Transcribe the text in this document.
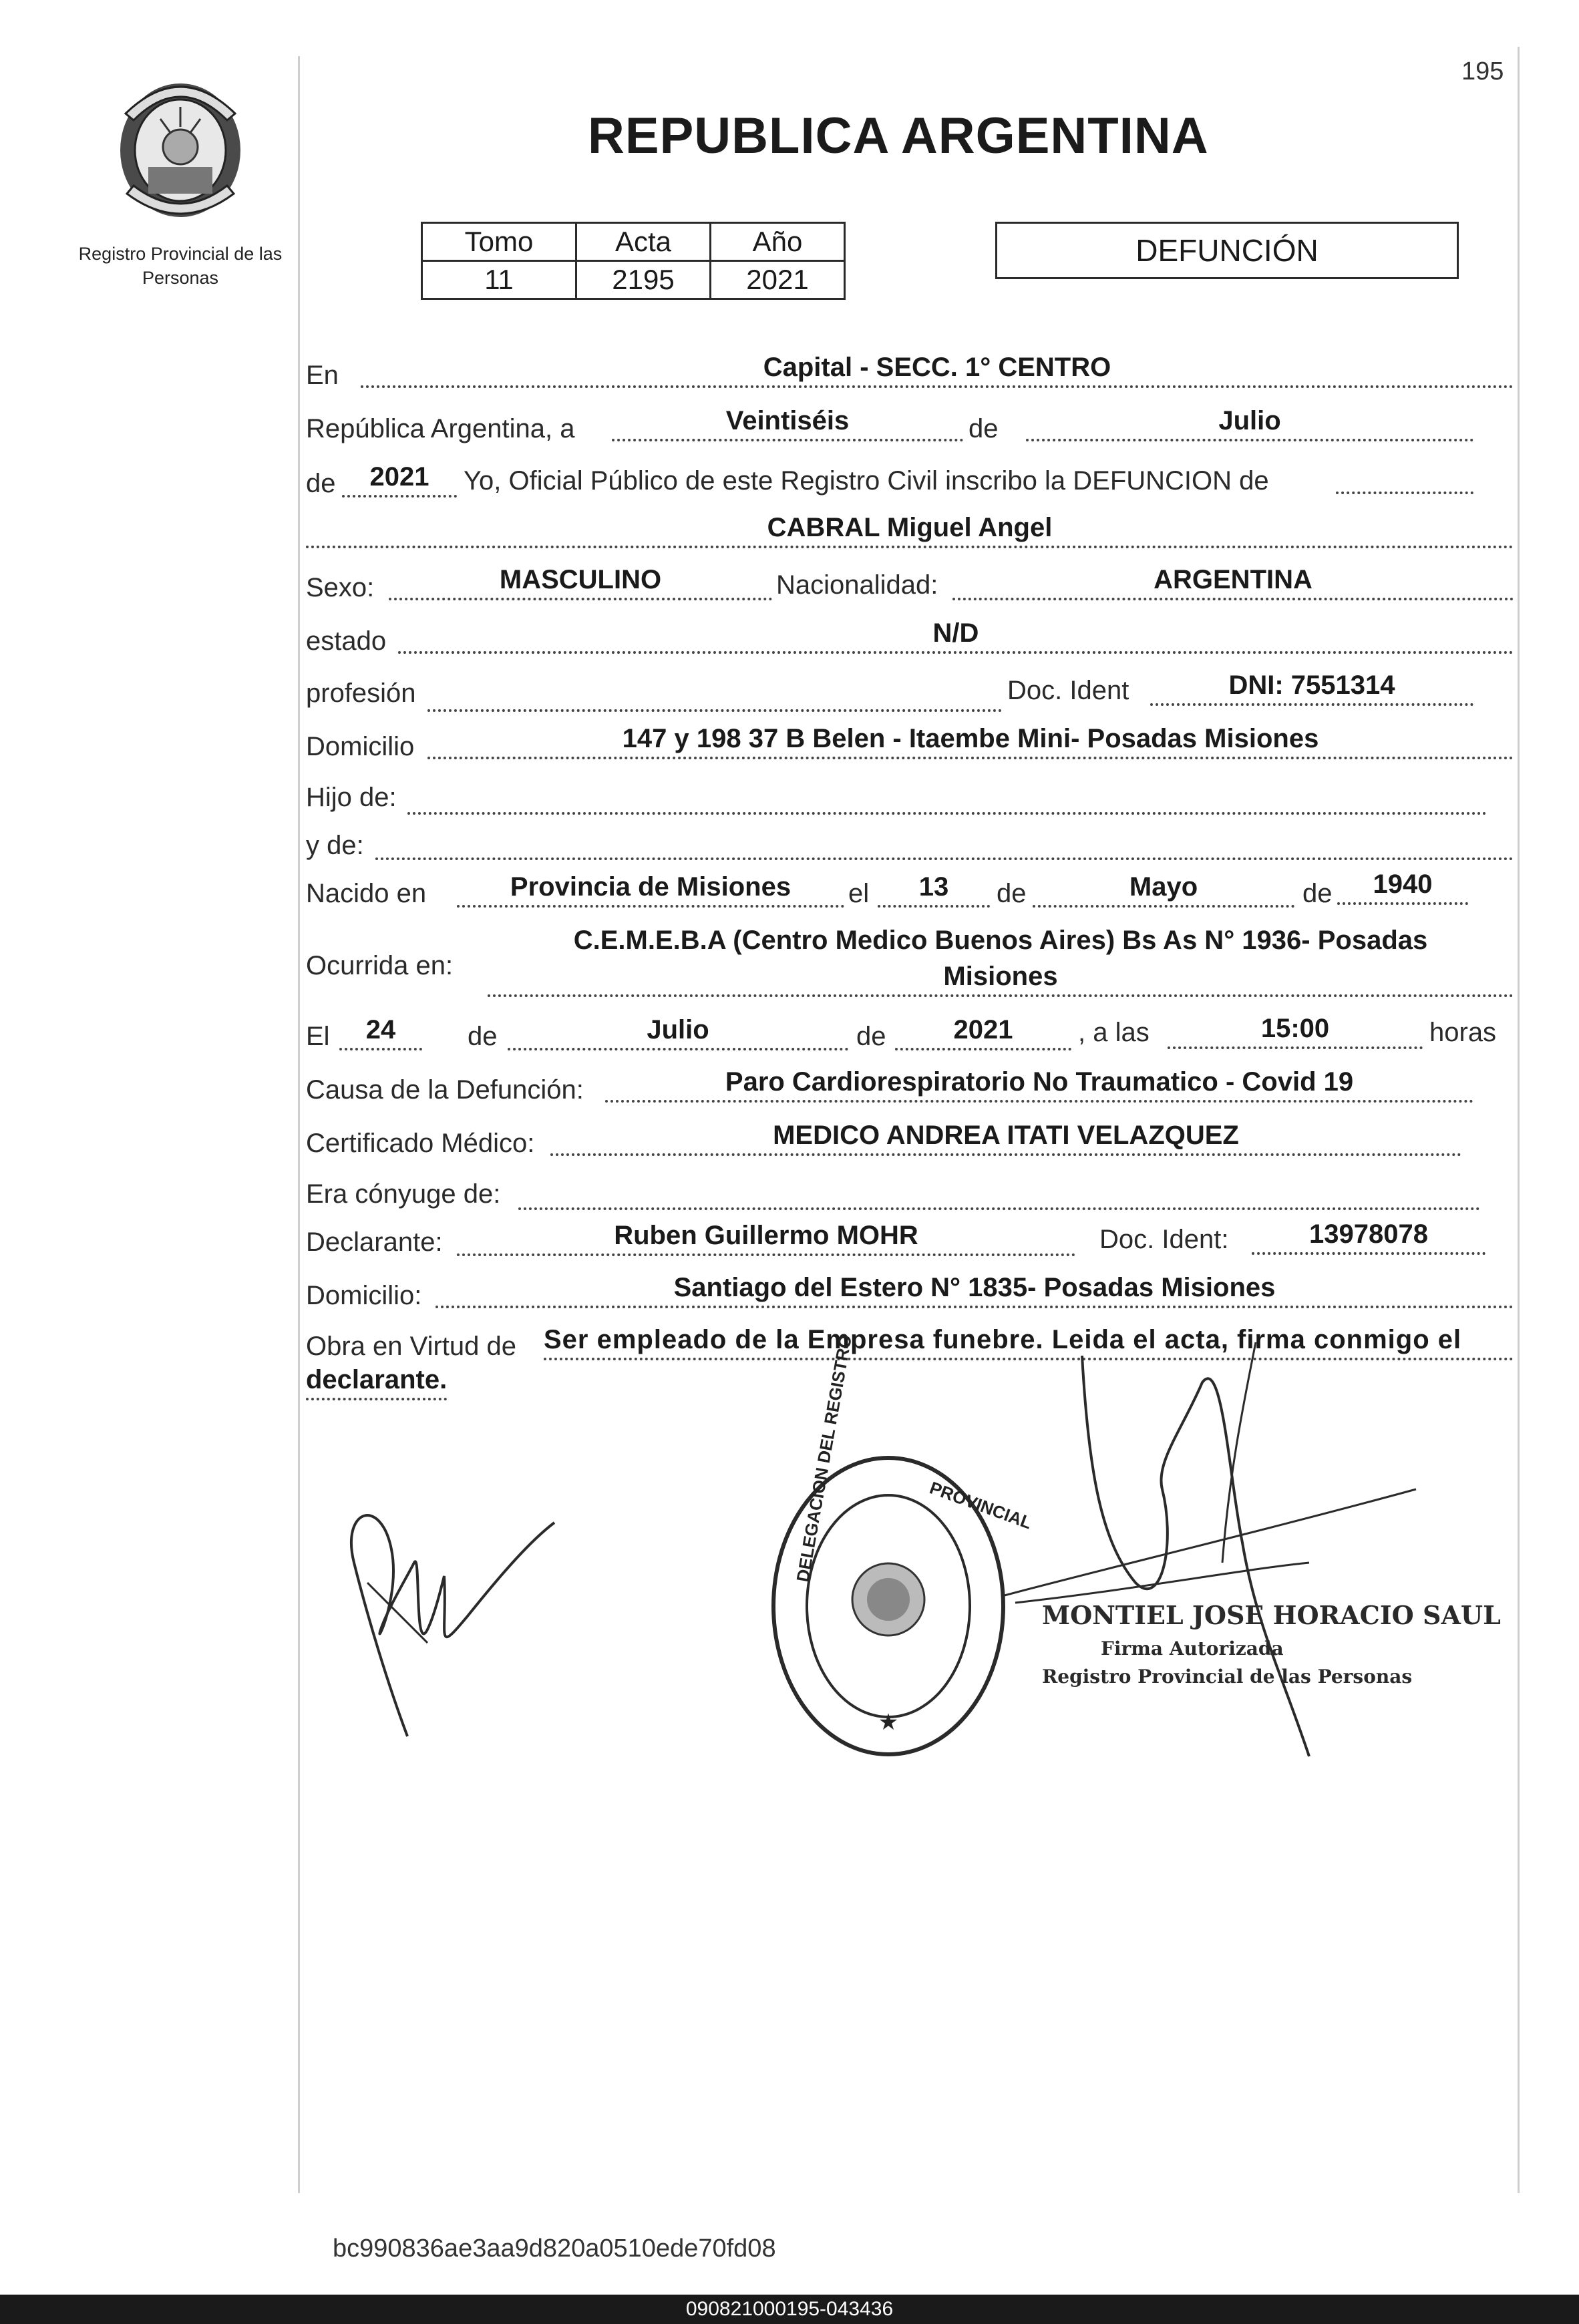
195
Registro Provincial de las Personas
REPUBLICA ARGENTINA
Tomo	Acta	Año
11	2195	2021
DEFUNCIÓN
En	Capital - SECC. 1° CENTRO
República Argentina, a	Veintiséis	de	Julio
de	2021	Yo, Oficial Público de este Registro Civil inscribo la DEFUNCION de
CABRAL Miguel Angel
Sexo:	MASCULINO	Nacionalidad:	ARGENTINA
estado	N/D
profesión	Doc. Ident	DNI: 7551314
Domicilio	147 y 198 37 B Belen - Itaembe Mini- Posadas Misiones
Hijo de:
y de:
Nacido en	Provincia de Misiones	el	13	de	Mayo	de	1940
Ocurrida en:
C.E.M.E.B.A (Centro Medico Buenos Aires) Bs As N° 1936- Posadas
Misiones
El	24	de	Julio	de	2021	, a las	15:00	horas
Causa de la Defunción:	Paro Cardiorespiratorio No Traumatico - Covid 19
Certificado Médico:	MEDICO ANDREA ITATI VELAZQUEZ
Era cónyuge de:
Declarante:	Ruben Guillermo MOHR	Doc. Ident:	13978078
Domicilio:	Santiago del Estero N° 1835- Posadas Misiones
Obra en Virtud de Ser empleado de la Empresa funebre. Leida el acta, firma conmigo el
declarante.
★
PROVINCIAL
DELEGACION DEL REGISTRO
MONTIEL JOSE HORACIO SAUL
Firma Autorizada
Registro Provincial de las Personas
bc990836ae3aa9d820a0510ede70fd08
090821000195-043436
